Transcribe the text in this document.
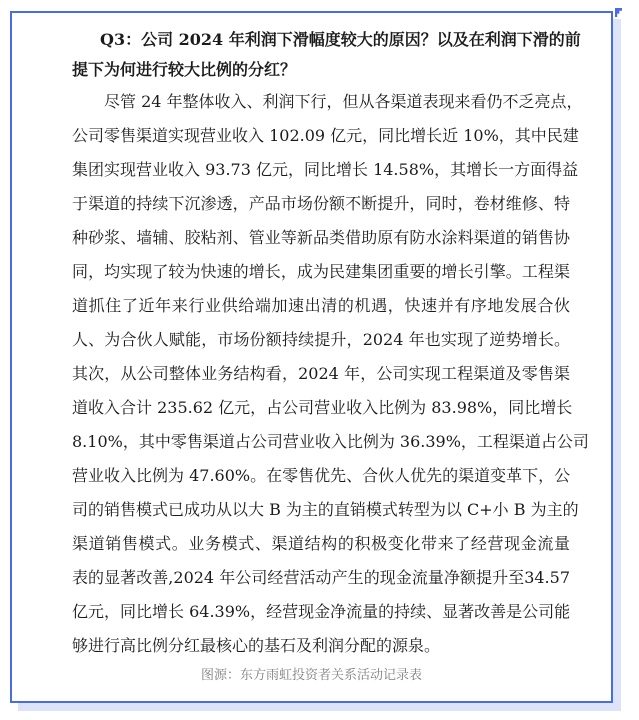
Q3：公司 2024 年利润下滑幅度较大的原因？以及在利润下滑的前
提下为何进行较大比例的分红？
尽管 24 年整体收入、利润下行，但从各渠道表现来看仍不乏亮点，
公司零售渠道实现营业收入 102.09 亿元，同比增长近 10%，其中民建
集团实现营业收入 93.73 亿元，同比增长 14.58%，其增长一方面得益
于渠道的持续下沉渗透，产品市场份额不断提升，同时，卷材维修、特
种砂浆、墙辅、胶粘剂、管业等新品类借助原有防水涂料渠道的销售协
同，均实现了较为快速的增长，成为民建集团重要的增长引擎。工程渠
道抓住了近年来行业供给端加速出清的机遇，快速并有序地发展合伙
人、为合伙人赋能，市场份额持续提升，2024 年也实现了逆势增长。
其次，从公司整体业务结构看，2024 年，公司实现工程渠道及零售渠
道收入合计 235.62 亿元，占公司营业收入比例为 83.98%，同比增长
8.10%，其中零售渠道占公司营业收入比例为 36.39%，工程渠道占公司
营业收入比例为 47.60%。在零售优先、合伙人优先的渠道变革下，公
司的销售模式已成功从以大 B 为主的直销模式转型为以 C+小 B 为主的
渠道销售模式。业务模式、渠道结构的积极变化带来了经营现金流量
表的显著改善,2024 年公司经营活动产生的现金流量净额提升至34.57
亿元，同比增长 64.39%，经营现金净流量的持续、显著改善是公司能
够进行高比例分红最核心的基石及利润分配的源泉。
图源：东方雨虹投资者关系活动记录表
